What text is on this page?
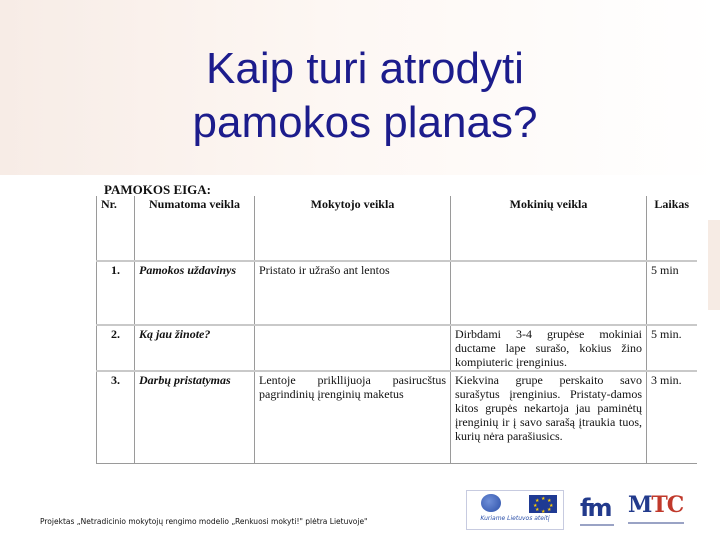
Kaip turi atrodyti
pamokos planas?
PAMOKOS EIGA:
Nr.	Numatoma veikla	Mokytojo veikla	Mokinių veikla	Laikas
1.	Pamokos uždavinys	Pristato ir užrašo ant lentos		5 min
2.	Ką jau žinote?		Dirbdami 3-4 grupėse mokiniai ductame lape surašo, kokius žino kompiuteric įrenginius.	5 min.
3.	Darbų pristatymas	Lentoje prikllijuoja pasirucštus pagrindinių įrenginių maketus	Kiekvina grupe perskaito savo surašytus įrenginius. Pristaty-damos kitos grupės nekartoja jau paminėtų įrenginių ir į savo sarašą įtraukia tuos, kurių nėra parašiusics.	3 min.
Projektas „Netradicinio mokytojų rengimo modelio „Renkuosi mokyti!" plėtra Lietuvoje"
★ ★
★
★
★
★
★
★
Kuriame Lietuvos ateitį	fm MTC
